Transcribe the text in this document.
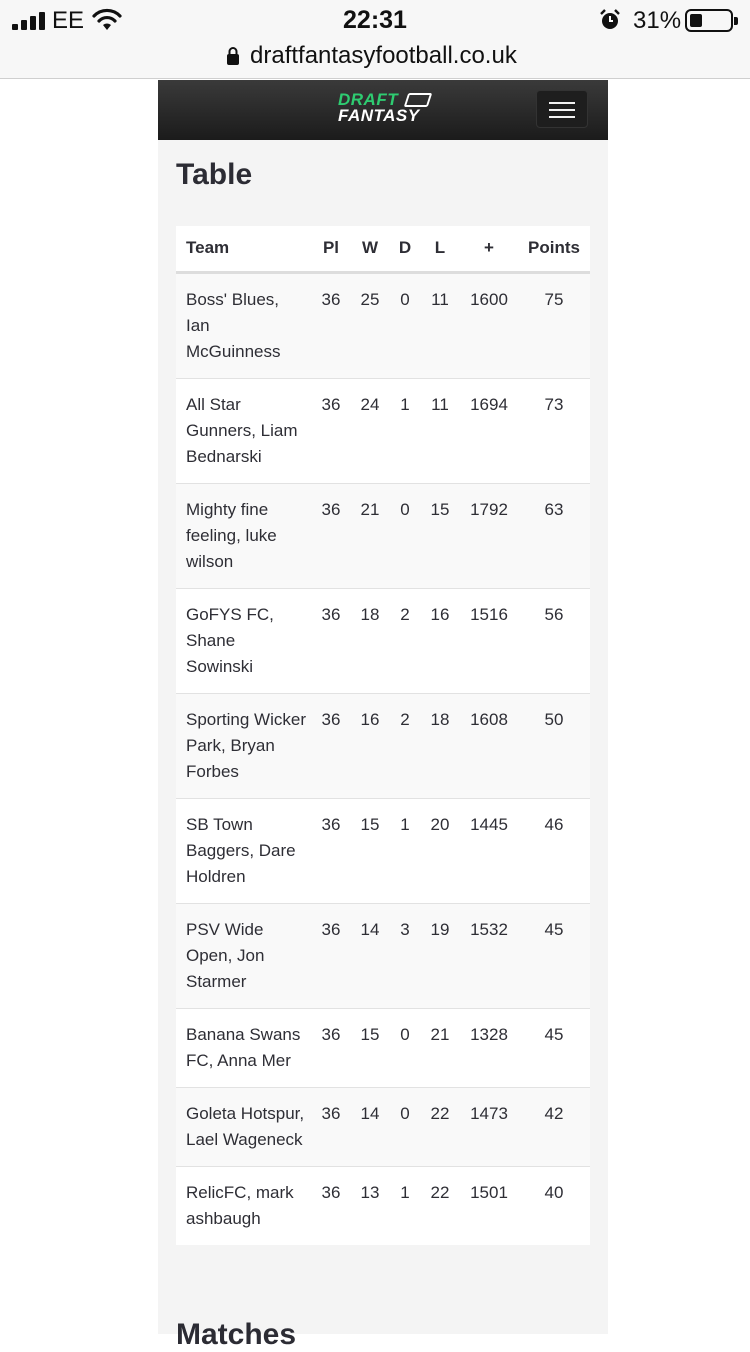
EE	22:31	31%
draftfantasyfootball.co.uk
DRAFT
FANTASY
Table
Team	Pl	W	D	L	+	Points
Boss' Blues, Ian McGuinness	36	25	0	11	1600	75
All Star Gunners, Liam Bednarski	36	24	1	11	1694	73
Mighty fine feeling, luke wilson	36	21	0	15	1792	63
GoFYS FC, Shane Sowinski	36	18	2	16	1516	56
Sporting Wicker Park, Bryan Forbes	36	16	2	18	1608	50
SB Town Baggers, Dare Holdren	36	15	1	20	1445	46
PSV Wide Open, Jon Starmer	36	14	3	19	1532	45
Banana Swans FC, Anna Mer	36	15	0	21	1328	45
Goleta Hotspur, Lael Wageneck	36	14	0	22	1473	42
RelicFC, mark ashbaugh	36	13	1	22	1501	40
Matches
